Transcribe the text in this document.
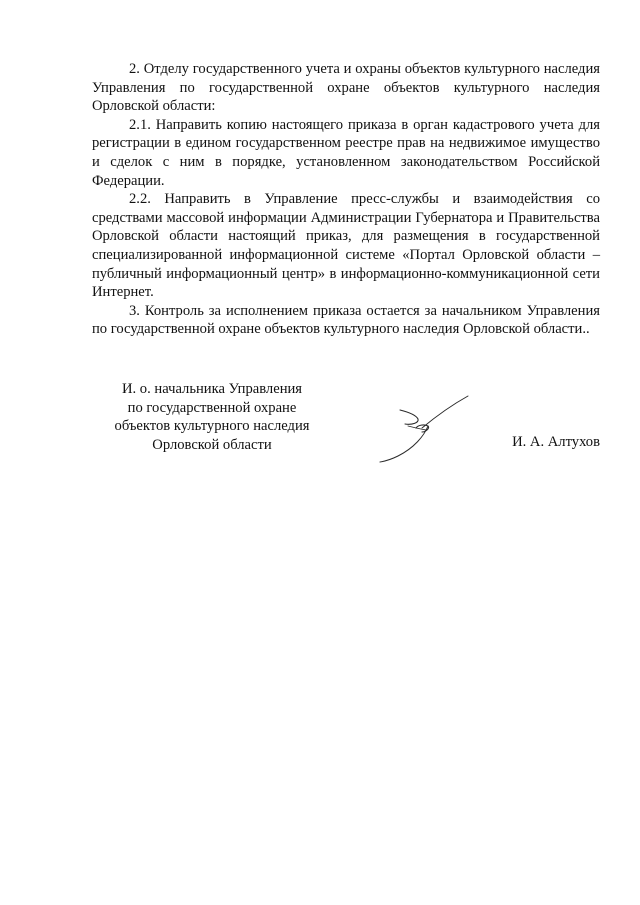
2. Отделу государственного учета и охраны объектов культурного наследия Управления по государственной охране объектов культурного наследия Орловской области:

2.1. Направить копию настоящего приказа в орган кадастрового учета для регистрации в едином государственном реестре прав на недвижимое имущество и сделок с ним в порядке, установленном законодательством Российской Федерации.

2.2. Направить в Управление пресс-службы и взаимодействия со средствами массовой информации Администрации Губернатора и Правительства Орловской области настоящий приказ, для размещения в государственной специализированной информационной системе «Портал Орловской области – публичный информационный центр» в информационно-коммуникационной сети Интернет.

3. Контроль за исполнением приказа остается за начальником Управления по государственной охране объектов культурного наследия Орловской области..

И. о. начальника Управления
по государственной охране
объектов культурного наследия
Орловской области	И. А. Алтухов
